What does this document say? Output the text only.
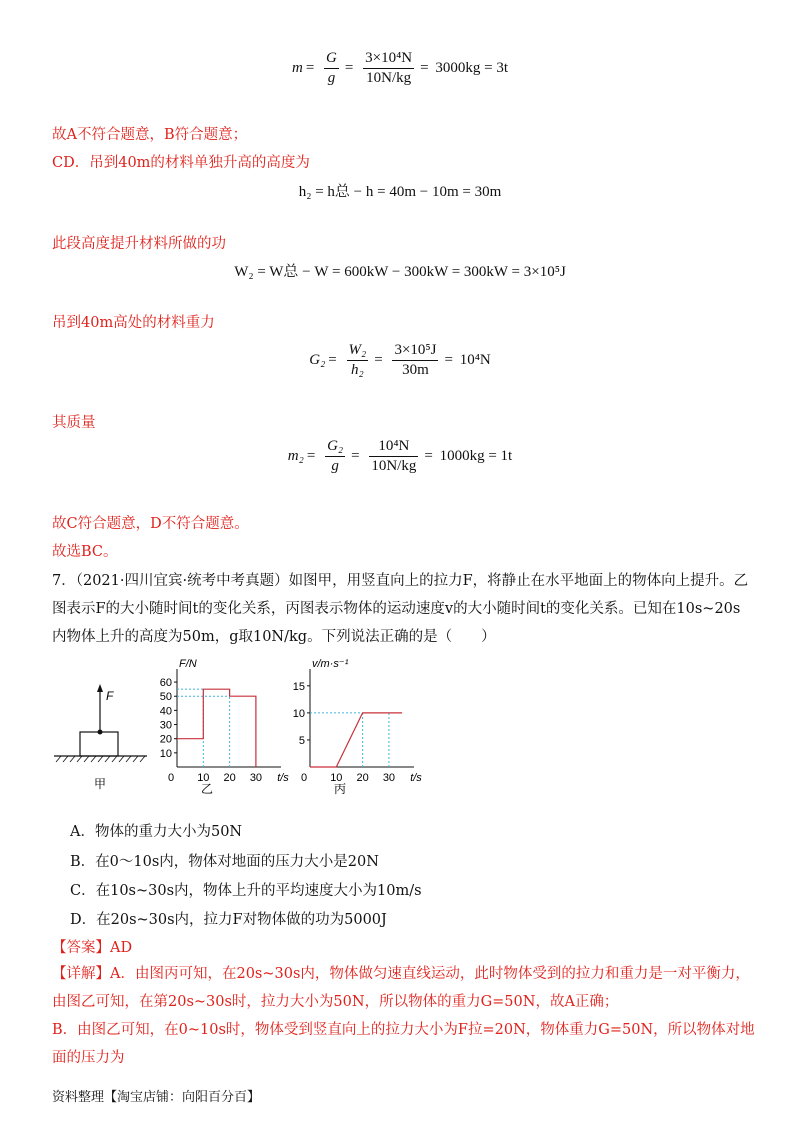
$m = \frac{G}{g} = \frac{\text{3×10⁴N}}{10N/kg} = 3000kg = 3t$
故A不符合题意，B符合题意；
CD．吊到40m的材料单独升高的高度为
h₂ = h总 − h = 40m − 10m = 30m
此段高度提升材料所做的功
W₂ = W总 − W = 600kW − 300kW = 300kW = 3×10⁵J
吊到40m高处的材料重力
$G_2 = \frac{\text{W₂}}{\text{h₂}} = \frac{\text{3×10⁵J}}{30m} = 10^4N$
其质量
$m_2 = \frac{\text{G₂}}{g} = \frac{\text{10⁴N}}{10N/kg} = 1000kg = 1t$
故C符合题意，D不符合题意。
故选BC。
7．（2021·四川宜宾·统考中考真题）如图甲，用竖直向上的拉力F，将静止在水平地面上的物体向上提升。乙图表示F的大小随时间t的变化关系，丙图表示物体的运动速度v的大小随时间t的变化关系。已知在10s~20s内物体上升的高度为50m，g取10N/kg。下列说法正确的是（　　）
F
甲
10
20
30
40
50
60
10 20 30
0
F/N
t/s
乙
5
10
15
10 20 30
0
v/m·s⁻¹
t/s
丙
A．物体的重力大小为50N
B．在0～10s内，物体对地面的压力大小是20N
C．在10s~30s内，物体上升的平均速度大小为10m/s
D．在20s~30s内，拉力F对物体做的功为5000J
【答案】AD
【详解】A．由图丙可知，在20s~30s内，物体做匀速直线运动，此时物体受到的拉力和重力是一对平衡力，由图乙可知，在第20s~30s时，拉力大小为50N，所以物体的重力G=50N，故A正确；
B．由图乙可知，在0~10s时，物体受到竖直向上的拉力大小为F拉=20N，物体重力G=50N，所以物体对地面的压力为
资料整理【淘宝店铺：向阳百分百】
